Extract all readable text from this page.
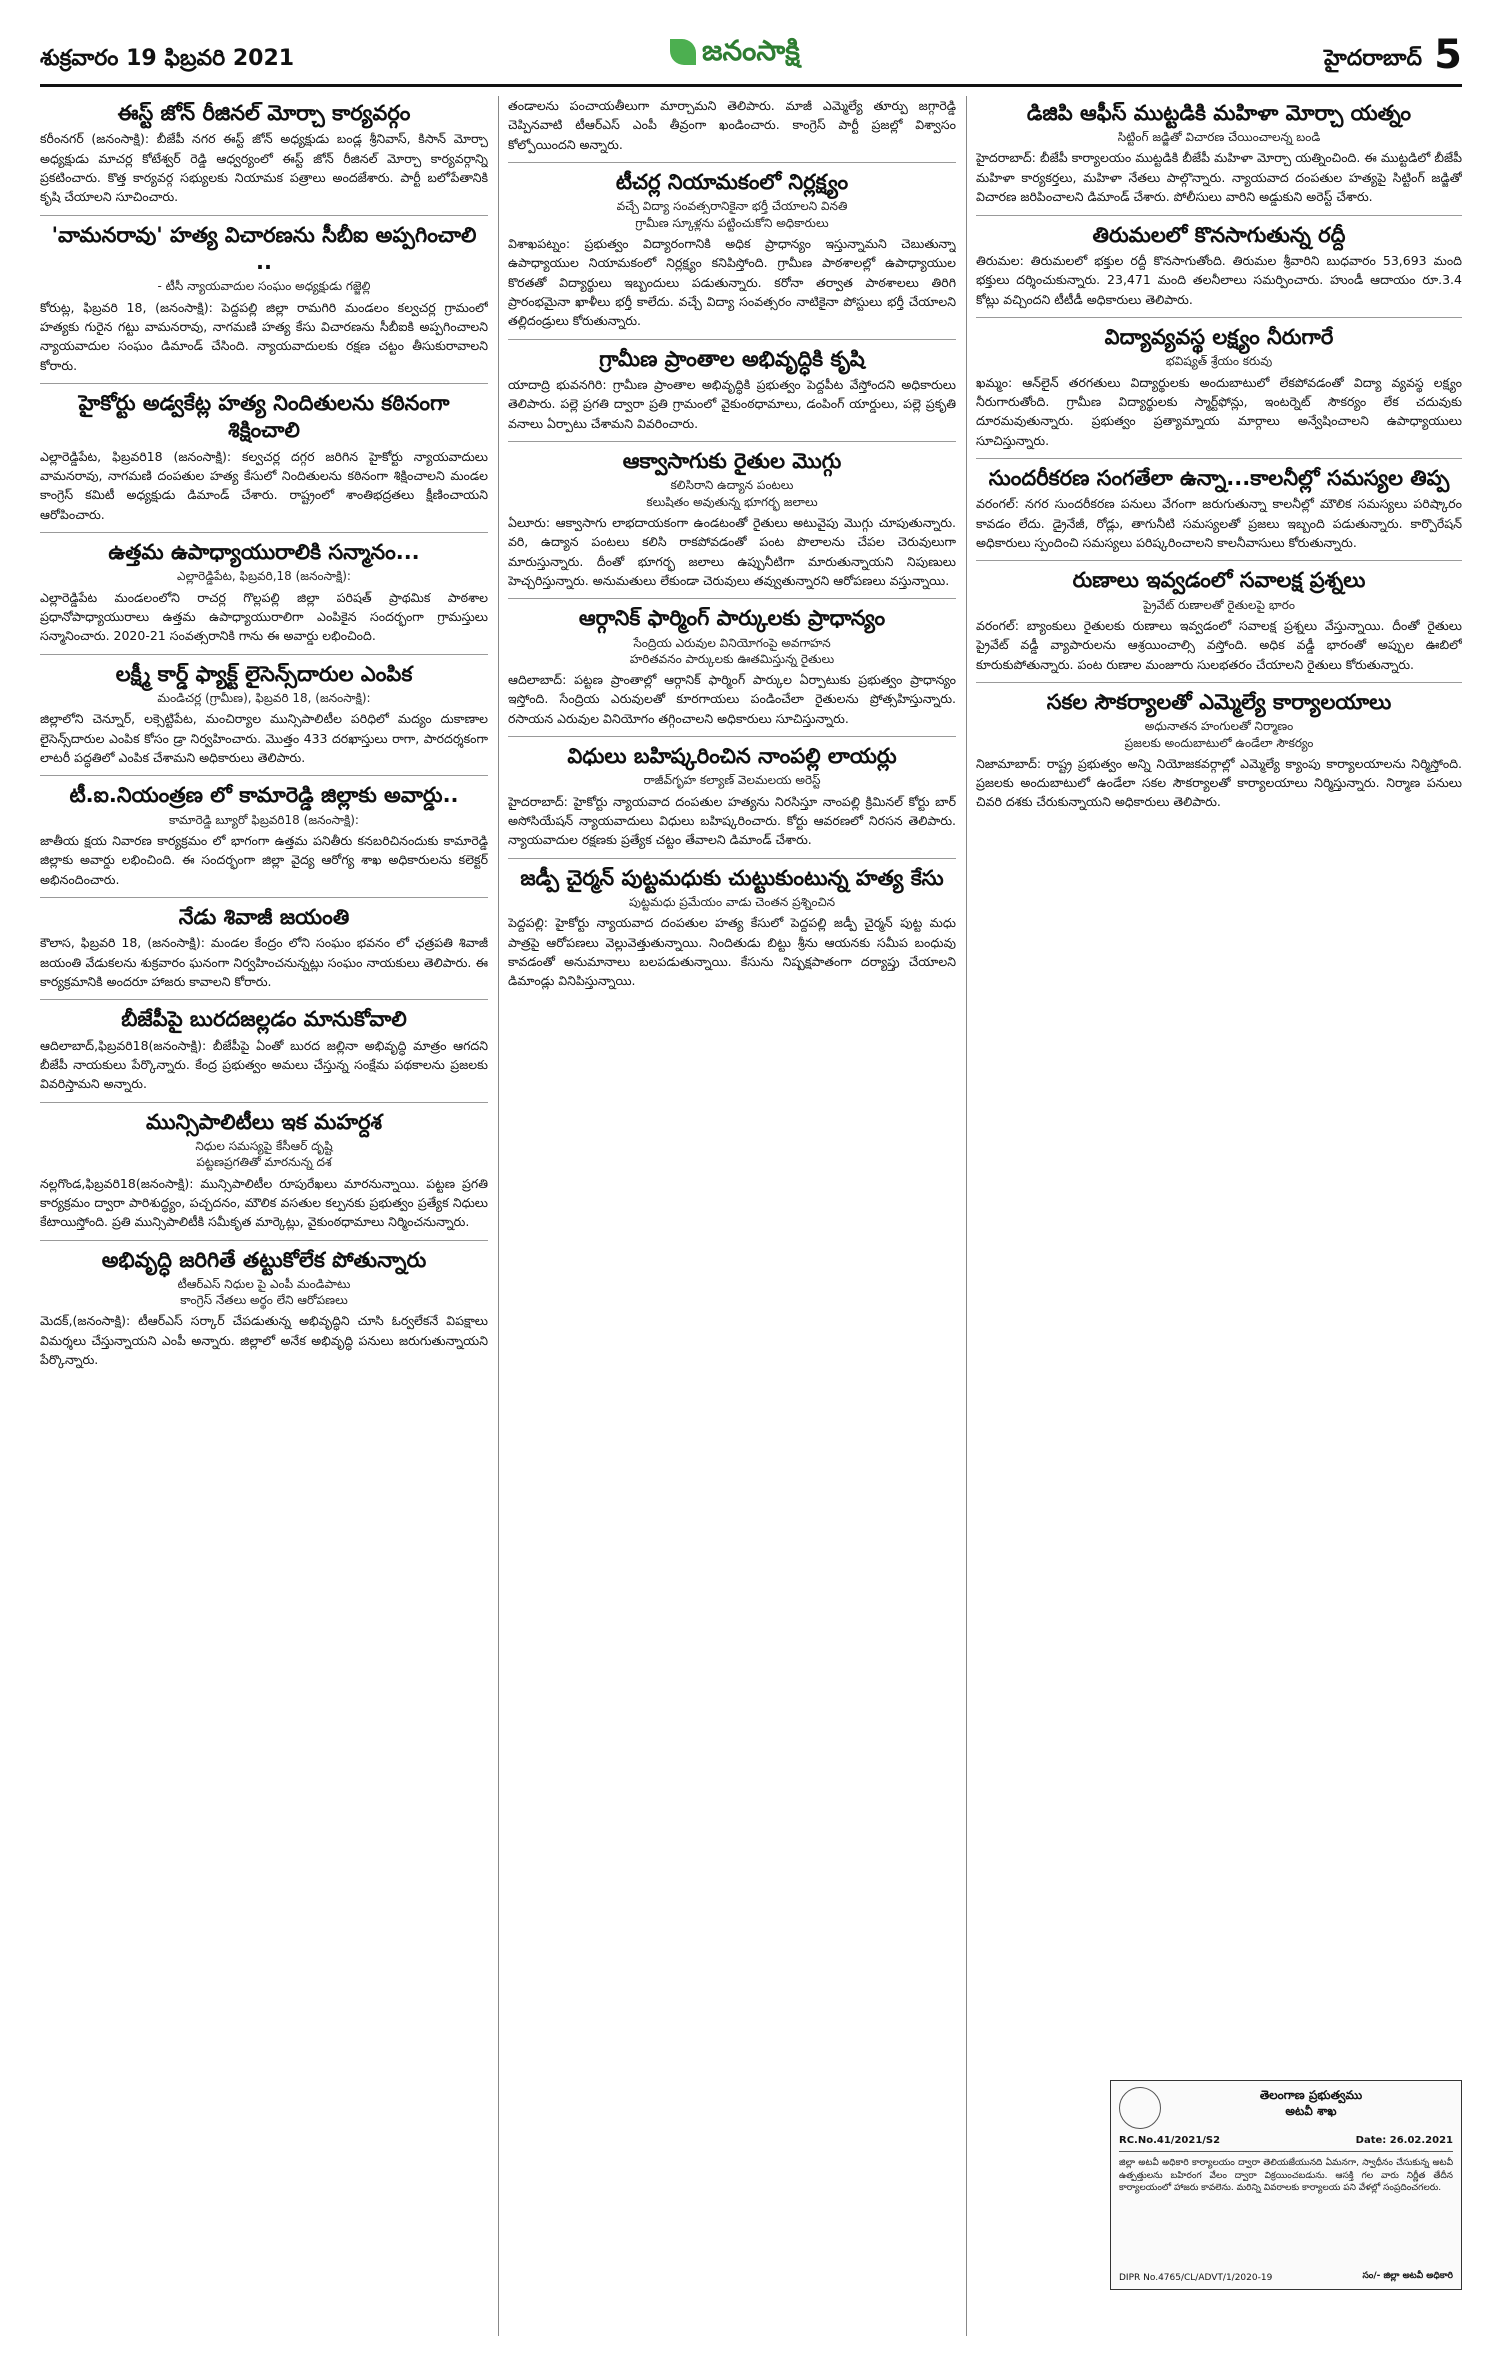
శుక్రవారం 19 ఫిబ్రవరి 2021	జనంసాక్షి	హైదరాబాద్ 5
ఈస్ట్ జోన్ రీజినల్ మోర్చా కార్యవర్గం

కరీంనగర్ (జనంసాక్షి): బీజేపీ నగర ఈస్ట్ జోన్ అధ్యక్షుడు బండ్ల శ్రీనివాస్, కిసాన్ మోర్చా అధ్యక్షుడు మాచర్ల కోటేశ్వర్ రెడ్డి ఆధ్వర్యంలో ఈస్ట్ జోన్ రీజినల్ మోర్చా కార్యవర్గాన్ని ప్రకటించారు. కొత్త కార్యవర్గ సభ్యులకు నియామక పత్రాలు అందజేశారు. పార్టీ బలోపేతానికి కృషి చేయాలని సూచించారు.

'వామనరావు' హత్య విచారణను సీబీఐ అప్పగించాలి ..
- టీసీ న్యాయవాదుల సంఘం అధ్యక్షుడు గజ్జెల్లి

కోరుట్ల, ఫిబ్రవరి 18, (జనంసాక్షి): పెద్దపల్లి జిల్లా రామగిరి మండలం కల్వచర్ల గ్రామంలో హత్యకు గురైన గట్టు వామనరావు, నాగమణి హత్య కేసు విచారణను సీబీఐకి అప్పగించాలని న్యాయవాదుల సంఘం డిమాండ్ చేసింది. న్యాయవాదులకు రక్షణ చట్టం తీసుకురావాలని కోరారు.

హైకోర్టు అడ్వకేట్ల హత్య నిందితులను కఠినంగా శిక్షించాలి

ఎల్లారెడ్డిపేట, ఫిబ్రవరి18 (జనంసాక్షి): కల్వచర్ల దగ్గర జరిగిన హైకోర్టు న్యాయవాదులు వామనరావు, నాగమణి దంపతుల హత్య కేసులో నిందితులను కఠినంగా శిక్షించాలని మండల కాంగ్రెస్ కమిటీ అధ్యక్షుడు డిమాండ్ చేశారు. రాష్ట్రంలో శాంతిభద్రతలు క్షీణించాయని ఆరోపించారు.

ఉత్తమ ఉపాధ్యాయురాలికి సన్మానం...
ఎల్లారెడ్డిపేట, ఫిబ్రవరి,18 (జనంసాక్షి):

ఎల్లారెడ్డిపేట మండలంలోని రాచర్ల గొల్లపల్లి జిల్లా పరిషత్ ప్రాథమిక పాఠశాల ప్రధానోపాధ్యాయురాలు ఉత్తమ ఉపాధ్యాయురాలిగా ఎంపికైన సందర్భంగా గ్రామస్తులు సన్మానించారు. 2020-21 సంవత్సరానికి గాను ఈ అవార్డు లభించింది.

లక్ష్మీ కార్డ్ ఫ్యాక్ట్ లైసెన్స్‌దారుల ఎంపిక
మండిచర్ల (గ్రామీణ), ఫిబ్రవరి 18, (జనంసాక్షి):

జిల్లాలోని చెన్నూర్, లక్సెట్టిపేట, మంచిర్యాల మున్సిపాలిటీల పరిధిలో మద్యం దుకాణాల లైసెన్స్‌దారుల ఎంపిక కోసం డ్రా నిర్వహించారు. మొత్తం 433 దరఖాస్తులు రాగా, పారదర్శకంగా లాటరీ పద్ధతిలో ఎంపిక చేశామని అధికారులు తెలిపారు.

టీ.ఐ.నియంత్రణ లో కామారెడ్డి జిల్లాకు అవార్డు..
కామారెడ్డి బ్యూరో ఫిబ్రవరి18 (జనంసాక్షి):

జాతీయ క్షయ నివారణ కార్యక్రమం లో భాగంగా ఉత్తమ పనితీరు కనబరిచినందుకు కామారెడ్డి జిల్లాకు అవార్డు లభించింది. ఈ సందర్భంగా జిల్లా వైద్య ఆరోగ్య శాఖ అధికారులను కలెక్టర్ అభినందించారు.

నేడు శివాజీ జయంతి

కౌలాస, ఫిబ్రవరి 18, (జనంసాక్షి): మండల కేంద్రం లోని సంఘం భవనం లో ఛత్రపతి శివాజీ జయంతి వేడుకలను శుక్రవారం ఘనంగా నిర్వహించనున్నట్లు సంఘం నాయకులు తెలిపారు. ఈ కార్యక్రమానికి అందరూ హాజరు కావాలని కోరారు.

బీజేపీపై బురదజల్లడం మానుకోవాలి

ఆదిలాబాద్,ఫిబ్రవరి18(జనంసాక్షి): బీజేపీపై ఏంతో బురద జల్లినా అభివృద్ధి మాత్రం ఆగదని బీజేపీ నాయకులు పేర్కొన్నారు. కేంద్ర ప్రభుత్వం అమలు చేస్తున్న సంక్షేమ పథకాలను ప్రజలకు వివరిస్తామని అన్నారు.

మున్సిపాలిటీలు ఇక మహర్దశ
నిధుల సమస్యపై కేసీఆర్ దృష్టి
పట్టణప్రగతితో మారనున్న దశ

నల్లగొండ,ఫిబ్రవరి18(జనంసాక్షి): మున్సిపాలిటీల రూపురేఖలు మారనున్నాయి. పట్టణ ప్రగతి కార్యక్రమం ద్వారా పారిశుద్ధ్యం, పచ్చదనం, మౌలిక వసతుల కల్పనకు ప్రభుత్వం ప్రత్యేక నిధులు కేటాయిస్తోంది. ప్రతి మున్సిపాలిటీకి సమీకృత మార్కెట్లు, వైకుంఠధామాలు నిర్మించనున్నారు.

అభివృద్ధి జరిగితే తట్టుకోలేక పోతున్నారు
టీఆర్ఎస్ నిధుల పై ఎంపీ మండిపాటు
కాంగ్రెస్ నేతలు అర్థం లేని ఆరోపణలు

మెదక్,(జనంసాక్షి): టీఆర్ఎస్ సర్కార్ చేపడుతున్న అభివృద్ధిని చూసి ఓర్వలేకనే విపక్షాలు విమర్శలు చేస్తున్నాయని ఎంపీ అన్నారు. జిల్లాలో అనేక అభివృద్ధి పనులు జరుగుతున్నాయని పేర్కొన్నారు.

తండాలను పంచాయతీలుగా మార్చామని తెలిపారు. మాజీ ఎమ్మెల్యే తూర్పు జగ్గారెడ్డి చెప్పినవాటి టీఆర్ఎస్ ఎంపీ తీవ్రంగా ఖండించారు. కాంగ్రెస్ పార్టీ ప్రజల్లో విశ్వాసం కోల్పోయిందని అన్నారు.

టీచర్ల నియామకంలో నిర్లక్ష్యం
వచ్చే విద్యా సంవత్సరానికైనా భర్తీ చేయాలని వినతి
గ్రామీణ స్కూళ్లను పట్టించుకోని అధికారులు

విశాఖపట్నం: ప్రభుత్వం విద్యారంగానికి అధిక ప్రాధాన్యం ఇస్తున్నామని చెబుతున్నా ఉపాధ్యాయుల నియామకంలో నిర్లక్ష్యం కనిపిస్తోంది. గ్రామీణ పాఠశాలల్లో ఉపాధ్యాయుల కొరతతో విద్యార్థులు ఇబ్బందులు పడుతున్నారు. కరోనా తర్వాత పాఠశాలలు తిరిగి ప్రారంభమైనా ఖాళీలు భర్తీ కాలేదు. వచ్చే విద్యా సంవత్సరం నాటికైనా పోస్టులు భర్తీ చేయాలని తల్లిదండ్రులు కోరుతున్నారు.

గ్రామీణ ప్రాంతాల అభివృద్ధికి కృషి

యాదాద్రి భువనగిరి: గ్రామీణ ప్రాంతాల అభివృద్ధికి ప్రభుత్వం పెద్దపీట వేస్తోందని అధికారులు తెలిపారు. పల్లె ప్రగతి ద్వారా ప్రతి గ్రామంలో వైకుంఠధామాలు, డంపింగ్ యార్డులు, పల్లె ప్రకృతి వనాలు ఏర్పాటు చేశామని వివరించారు.

ఆక్వాసాగుకు రైతుల మొగ్గు
కలిసిరాని ఉద్యాన పంటలు
కలుషితం అవుతున్న భూగర్భ జలాలు

ఏలూరు: ఆక్వాసాగు లాభదాయకంగా ఉండటంతో రైతులు అటువైపు మొగ్గు చూపుతున్నారు. వరి, ఉద్యాన పంటలు కలిసి రాకపోవడంతో పంట పొలాలను చేపల చెరువులుగా మారుస్తున్నారు. దీంతో భూగర్భ జలాలు ఉప్పునీటిగా మారుతున్నాయని నిపుణులు హెచ్చరిస్తున్నారు. అనుమతులు లేకుండా చెరువులు తవ్వుతున్నారని ఆరోపణలు వస్తున్నాయి.

ఆర్గానిక్ ఫార్మింగ్ పార్కులకు ప్రాధాన్యం
సేంద్రియ ఎరువుల వినియోగంపై అవగాహన
హరితవనం పార్కులకు ఊతమిస్తున్న రైతులు

ఆదిలాబాద్: పట్టణ ప్రాంతాల్లో ఆర్గానిక్ ఫార్మింగ్ పార్కుల ఏర్పాటుకు ప్రభుత్వం ప్రాధాన్యం ఇస్తోంది. సేంద్రియ ఎరువులతో కూరగాయలు పండించేలా రైతులను ప్రోత్సహిస్తున్నారు. రసాయన ఎరువుల వినియోగం తగ్గించాలని అధికారులు సూచిస్తున్నారు.

విధులు బహిష్కరించిన నాంపల్లి లాయర్లు
రాజీవ్‌గృహ కల్యాణ్ వెలమలయ అరెస్ట్

హైదరాబాద్: హైకోర్టు న్యాయవాద దంపతుల హత్యను నిరసిస్తూ నాంపల్లి క్రిమినల్ కోర్టు బార్ అసోసియేషన్ న్యాయవాదులు విధులు బహిష్కరించారు. కోర్టు ఆవరణలో నిరసన తెలిపారు. న్యాయవాదుల రక్షణకు ప్రత్యేక చట్టం తేవాలని డిమాండ్ చేశారు.

జడ్పీ చైర్మన్ పుట్టమధుకు చుట్టుకుంటున్న హత్య కేసు
పుట్టమధు ప్రమేయం వాడు చెంతన ప్రశ్నించిన

పెద్దపల్లి: హైకోర్టు న్యాయవాద దంపతుల హత్య కేసులో పెద్దపల్లి జడ్పీ చైర్మన్ పుట్ట మధు పాత్రపై ఆరోపణలు వెల్లువెత్తుతున్నాయి. నిందితుడు బిట్టు శ్రీను ఆయనకు సమీప బంధువు కావడంతో అనుమానాలు బలపడుతున్నాయి. కేసును నిష్పక్షపాతంగా దర్యాప్తు చేయాలని డిమాండ్లు వినిపిస్తున్నాయి.

డిజిపి ఆఫీస్ ముట్టడికి మహిళా మోర్చా యత్నం
సిట్టింగ్ జడ్జితో విచారణ చేయించాలన్న బండి

హైదరాబాద్: బీజేపీ కార్యాలయం ముట్టడికి బీజేపీ మహిళా మోర్చా యత్నించింది. ఈ ముట్టడిలో బీజేపీ మహిళా కార్యకర్తలు, మహిళా నేతలు పాల్గొన్నారు. న్యాయవాద దంపతుల హత్యపై సిట్టింగ్ జడ్జితో విచారణ జరిపించాలని డిమాండ్ చేశారు. పోలీసులు వారిని అడ్డుకుని అరెస్ట్ చేశారు.

తిరుమలలో కొనసాగుతున్న రద్దీ

తిరుమల: తిరుమలలో భక్తుల రద్దీ కొనసాగుతోంది. తిరుమల శ్రీవారిని బుధవారం 53,693 మంది భక్తులు దర్శించుకున్నారు. 23,471 మంది తలనీలాలు సమర్పించారు. హుండీ ఆదాయం రూ.3.4 కోట్లు వచ్చిందని టీటీడీ అధికారులు తెలిపారు.

విద్యావ్యవస్థ లక్ష్యం నీరుగారే
భవిష్యత్ శ్రేయం కరువు

ఖమ్మం: ఆన్‌లైన్ తరగతులు విద్యార్థులకు అందుబాటులో లేకపోవడంతో విద్యా వ్యవస్థ లక్ష్యం నీరుగారుతోంది. గ్రామీణ విద్యార్థులకు స్మార్ట్‌ఫోన్లు, ఇంటర్నెట్ సౌకర్యం లేక చదువుకు దూరమవుతున్నారు. ప్రభుత్వం ప్రత్యామ్నాయ మార్గాలు అన్వేషించాలని ఉపాధ్యాయులు సూచిస్తున్నారు.

సుందరీకరణ సంగతేలా ఉన్నా...కాలనీల్లో సమస్యల తిప్ప

వరంగల్: నగర సుందరీకరణ పనులు వేగంగా జరుగుతున్నా కాలనీల్లో మౌలిక సమస్యలు పరిష్కారం కావడం లేదు. డ్రైనేజీ, రోడ్లు, తాగునీటి సమస్యలతో ప్రజలు ఇబ్బంది పడుతున్నారు. కార్పొరేషన్ అధికారులు స్పందించి సమస్యలు పరిష్కరించాలని కాలనీవాసులు కోరుతున్నారు.

రుణాలు ఇవ్వడంలో సవాలక్ష ప్రశ్నలు
ప్రైవేట్ రుణాలతో రైతులపై భారం

వరంగల్: బ్యాంకులు రైతులకు రుణాలు ఇవ్వడంలో సవాలక్ష ప్రశ్నలు వేస్తున్నాయి. దీంతో రైతులు ప్రైవేట్ వడ్డీ వ్యాపారులను ఆశ్రయించాల్సి వస్తోంది. అధిక వడ్డీ భారంతో అప్పుల ఊబిలో కూరుకుపోతున్నారు. పంట రుణాల మంజూరు సులభతరం చేయాలని రైతులు కోరుతున్నారు.

సకల సౌకర్యాలతో ఎమ్మెల్యే కార్యాలయాలు
అధునాతన హంగులతో నిర్మాణం
ప్రజలకు అందుబాటులో ఉండేలా సౌకర్యం

నిజామాబాద్: రాష్ట్ర ప్రభుత్వం అన్ని నియోజకవర్గాల్లో ఎమ్మెల్యే క్యాంపు కార్యాలయాలను నిర్మిస్తోంది. ప్రజలకు అందుబాటులో ఉండేలా సకల సౌకర్యాలతో కార్యాలయాలు నిర్మిస్తున్నారు. నిర్మాణ పనులు చివరి దశకు చేరుకున్నాయని అధికారులు తెలిపారు.

తెలంగాణ ప్రభుత్వము
అటవీ శాఖ
RC.No.41/2021/S2	Date: 26.02.2021
జిల్లా అటవీ అధికారి కార్యాలయం ద్వారా తెలియజేయునది ఏమనగా, స్వాధీనం చేసుకున్న అటవీ ఉత్పత్తులను బహిరంగ వేలం ద్వారా విక్రయించబడును. ఆసక్తి గల వారు నిర్ణీత తేదీన కార్యాలయంలో హాజరు కావలెను. మరిన్ని వివరాలకు కార్యాలయ పని వేళల్లో సంప్రదించగలరు.
DIPR No.4765/CL/ADVT/1/2020-19	సం/- జిల్లా అటవీ అధికారి
